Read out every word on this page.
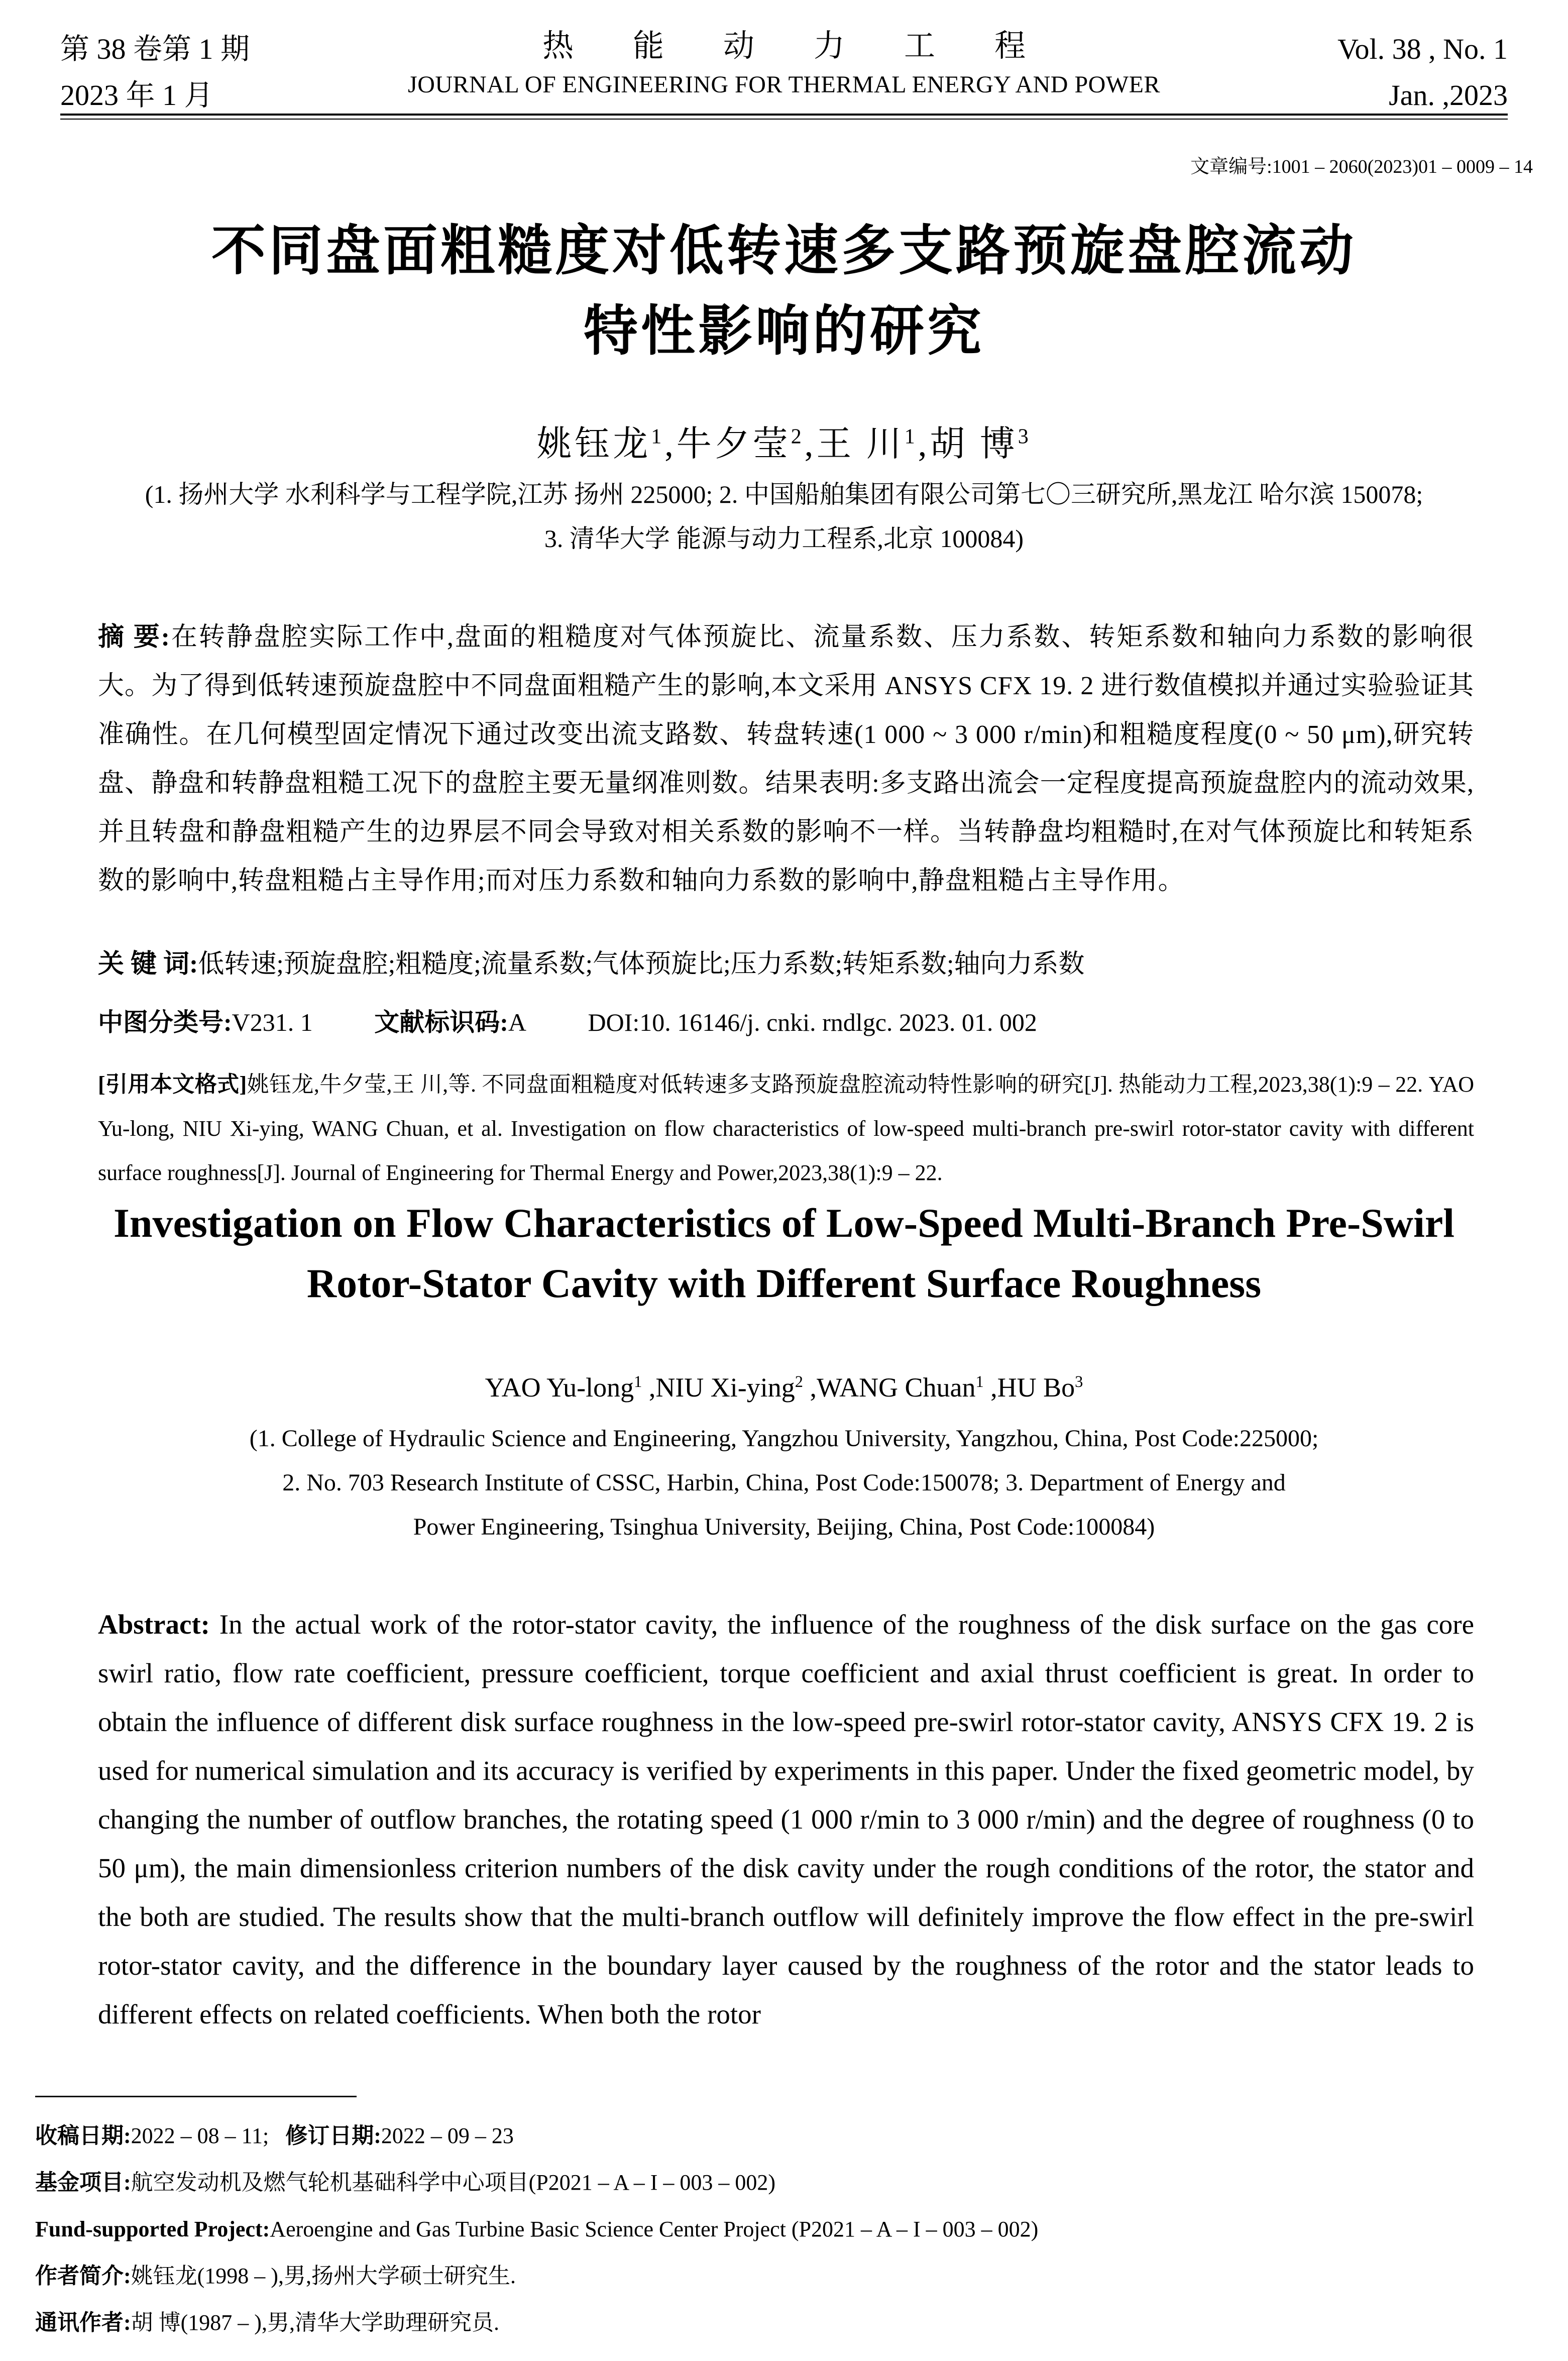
第 38 卷第 1 期
2023 年 1 月
热能动力工程
JOURNAL OF ENGINEERING FOR THERMAL ENERGY AND POWER
Vol. 38 , No. 1
Jan. ,2023
文章编号:1001 – 2060(2023)01 – 0009 – 14
不同盘面粗糙度对低转速多支路预旋盘腔流动
特性影响的研究
姚钰龙$^1$,牛夕莹$^2$,王 川$^1$,胡 博$^3$
(1. 扬州大学 水利科学与工程学院,江苏 扬州 225000; 2. 中国船舶集团有限公司第七〇三研究所,黑龙江 哈尔滨 150078;
3. 清华大学 能源与动力工程系,北京 100084)
摘 要:在转静盘腔实际工作中,盘面的粗糙度对气体预旋比、流量系数、压力系数、转矩系数和轴向力系数的影响很大。为了得到低转速预旋盘腔中不同盘面粗糙产生的影响,本文采用 ANSYS CFX 19. 2 进行数值模拟并通过实验验证其准确性。在几何模型固定情况下通过改变出流支路数、转盘转速(1 000 ~ 3 000 r/min)和粗糙度程度(0 ~ 50 μm),研究转盘、静盘和转静盘粗糙工况下的盘腔主要无量纲准则数。结果表明:多支路出流会一定程度提高预旋盘腔内的流动效果,并且转盘和静盘粗糙产生的边界层不同会导致对相关系数的影响不一样。当转静盘均粗糙时,在对气体预旋比和转矩系数的影响中,转盘粗糙占主导作用;而对压力系数和轴向力系数的影响中,静盘粗糙占主导作用。
关 键 词:低转速;预旋盘腔;粗糙度;流量系数;气体预旋比;压力系数;转矩系数;轴向力系数
中图分类号:V231. 1 文献标识码:A DOI:10. 16146/j. cnki. rndlgc. 2023. 01. 002
[引用本文格式]姚钰龙,牛夕莹,王 川,等. 不同盘面粗糙度对低转速多支路预旋盘腔流动特性影响的研究[J]. 热能动力工程,2023,38(1):9 – 22. YAO Yu-long, NIU Xi-ying, WANG Chuan, et al. Investigation on flow characteristics of low-speed multi-branch pre-swirl rotor-stator cavity with different surface roughness[J]. Journal of Engineering for Thermal Energy and Power,2023,38(1):9 – 22.
Investigation on Flow Characteristics of Low-Speed Multi-Branch Pre-Swirl
Rotor-Stator Cavity with Different Surface Roughness
YAO Yu-long$^1$ ,NIU Xi-ying$^2$ ,WANG Chuan$^1$ ,HU Bo$^3$
(1. College of Hydraulic Science and Engineering, Yangzhou University, Yangzhou, China, Post Code:225000;
2. No. 703 Research Institute of CSSC, Harbin, China, Post Code:150078; 3. Department of Energy and
Power Engineering, Tsinghua University, Beijing, China, Post Code:100084)
Abstract: In the actual work of the rotor-stator cavity, the influence of the roughness of the disk surface on the gas core swirl ratio, flow rate coefficient, pressure coefficient, torque coefficient and axial thrust coefficient is great. In order to obtain the influence of different disk surface roughness in the low-speed pre-swirl rotor-stator cavity, ANSYS CFX 19. 2 is used for numerical simulation and its accuracy is verified by experiments in this paper. Under the fixed geometric model, by changing the number of outflow branches, the rotating speed (1 000 r/min to 3 000 r/min) and the degree of roughness (0 to 50 μm), the main dimensionless criterion numbers of the disk cavity under the rough conditions of the rotor, the stator and the both are studied. The results show that the multi-branch outflow will definitely improve the flow effect in the pre-swirl rotor-stator cavity, and the difference in the boundary layer caused by the roughness of the rotor and the stator leads to different effects on related coefficients. When both the rotor
收稿日期:2022 – 08 – 11; 修订日期:2022 – 09 – 23
基金项目:航空发动机及燃气轮机基础科学中心项目(P2021 – A – I – 003 – 002)
Fund-supported Project:Aeroengine and Gas Turbine Basic Science Center Project (P2021 – A – I – 003 – 002)
作者简介:姚钰龙(1998 – ),男,扬州大学硕士研究生.
通讯作者:胡 博(1987 – ),男,清华大学助理研究员.
